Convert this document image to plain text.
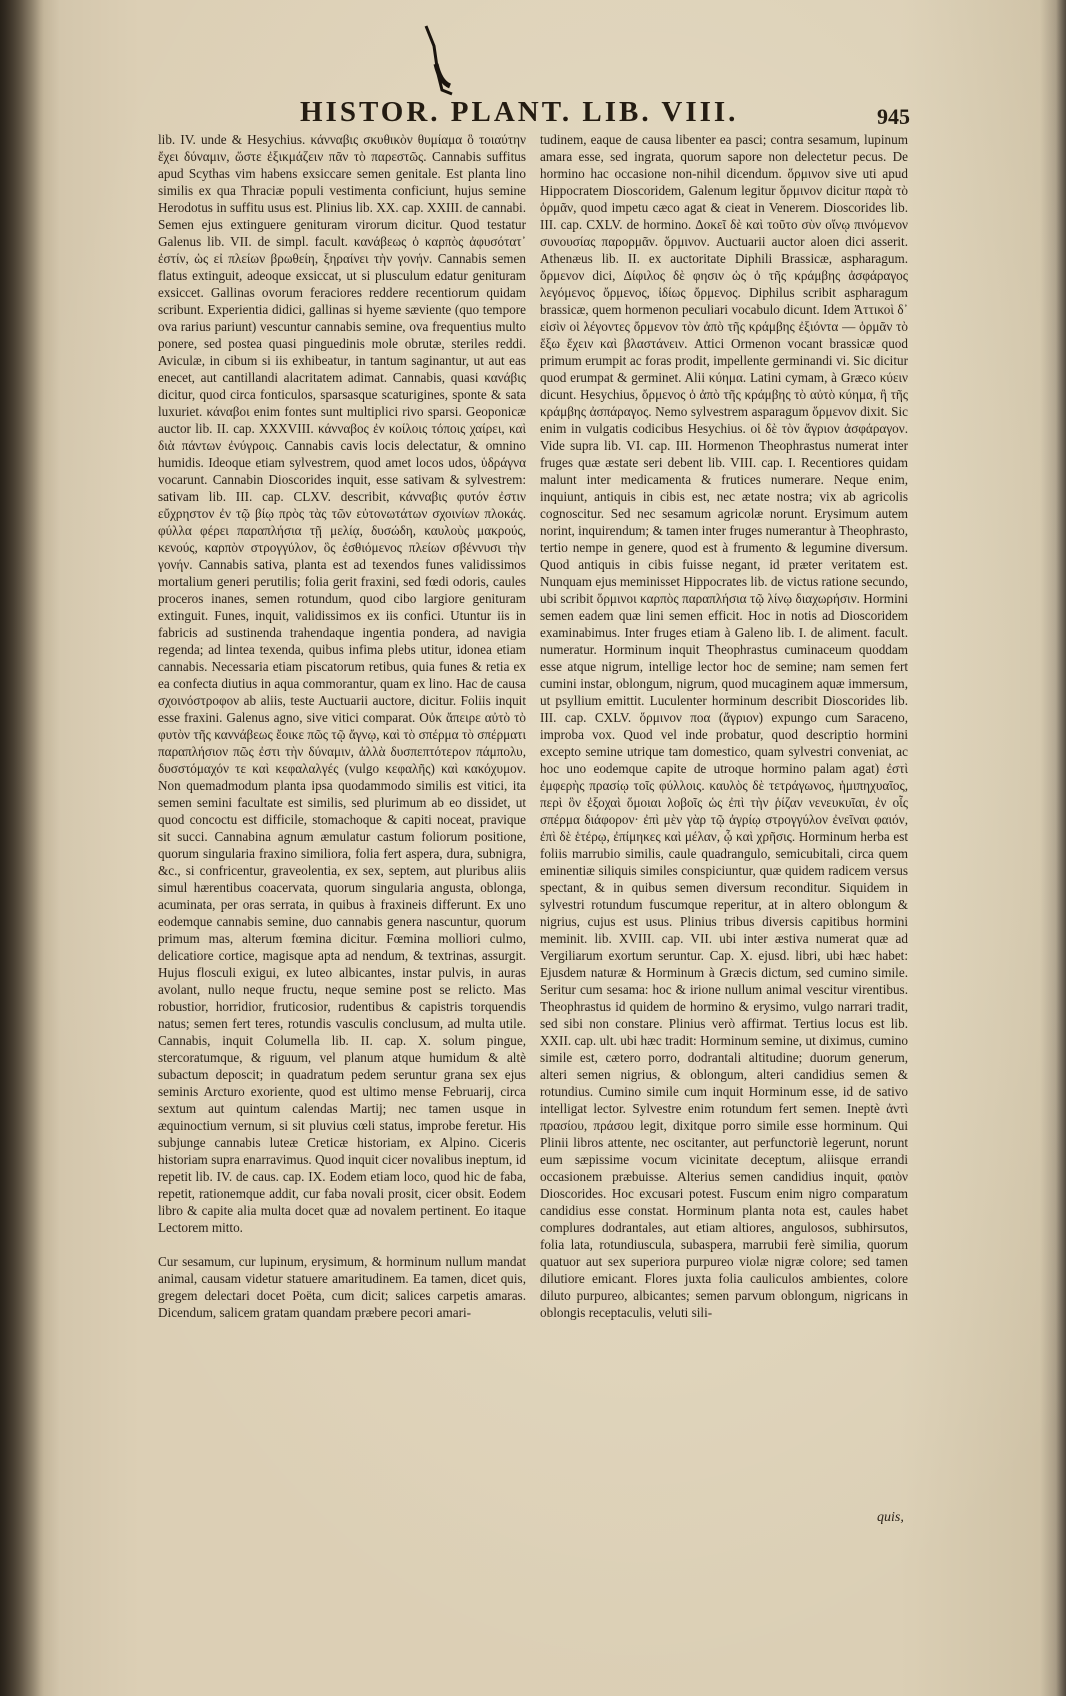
HISTOR. PLANT. LIB. VIII.	945

lib. IV. unde & Hesychius. κάνναβις σκυθικὸν θυμίαμα ὃ τοιαύτην ἔχει δύναμιν, ὥστε ἐξικμάζειν πᾶν τὸ παρεστῶς. Cannabis suffitus apud Scythas vim habens exsiccare semen genitale. Est planta lino similis ex qua Thraciæ populi vestimenta conficiunt, hujus semine Herodotus in suffitu usus est. Plinius lib. XX. cap. XXIII. de cannabi. Semen ejus extinguere genituram virorum dicitur. Quod testatur Galenus lib. VII. de simpl. facult. κανάβεως ὁ καρπὸς ἀφυσότατ᾽ ἐστίν, ὡς εἰ πλείων βρωθείη, ξηραίνει τὴν γονήν. Cannabis semen flatus extinguit, adeoque exsiccat, ut si plusculum edatur genituram exsiccet. Gallinas ovorum feraciores reddere recentiorum quidam scribunt. Experientia didici, gallinas si hyeme sæviente (quo tempore ova rarius pariunt) vescuntur cannabis semine, ova frequentius multo ponere, sed postea quasi pinguedinis mole obrutæ, steriles reddi. Aviculæ, in cibum si iis exhibeatur, in tantum saginantur, ut aut eas enecet, aut cantillandi alacritatem adimat. Cannabis, quasi κανάβις dicitur, quod circa fonticulos, sparsasque scaturigines, sponte & sata luxuriet. κάναβοι enim fontes sunt multiplici rivo sparsi. Geoponicæ auctor lib. II. cap. XXXVIII. κάνναβος ἐν κοίλοις τόποις χαίρει, καὶ διὰ πάντων ἐνύγροις. Cannabis cavis locis delectatur, & omnino humidis. Ideoque etiam sylvestrem, quod amet locos udos, ὑδράγνα vocarunt. Cannabin Dioscorides inquit, esse sativam & sylvestrem: sativam lib. III. cap. CLXV. describit, κάνναβις φυτόν ἐστιν εὔχρηστον ἐν τῷ βίῳ πρὸς τὰς τῶν εὐτονωτάτων σχοινίων πλοκάς. φύλλα φέρει παραπλήσια τῇ μελίᾳ, δυσώδη, καυλοὺς μακρούς, κενούς, καρπὸν στρογγύλον, ὃς ἐσθιόμενος πλείων σβέννυσι τὴν γονήν. Cannabis sativa, planta est ad texendos funes validissimos mortalium generi perutilis; folia gerit fraxini, sed fœdi odoris, caules proceros inanes, semen rotundum, quod cibo largiore genituram extinguit. Funes, inquit, validissimos ex iis confici. Utuntur iis in fabricis ad sustinenda trahendaque ingentia pondera, ad navigia regenda; ad lintea texenda, quibus infima plebs utitur, idonea etiam cannabis. Necessaria etiam piscatorum retibus, quia funes & retia ex ea confecta diutius in aqua commorantur, quam ex lino. Hac de causa σχοινόστροφον ab aliis, teste Auctuarii auctore, dicitur. Foliis inquit esse fraxini. Galenus agno, sive vitici comparat. Οὐκ ἄπειρε αὐτὸ τὸ φυτὸν τῆς καννάβεως ἔοικε πῶς τῷ ἄγνῳ, καὶ τὸ σπέρμα τὸ σπέρματι παραπλήσιον πῶς ἐστι τὴν δύναμιν, ἀλλὰ δυσπεπτότερον πάμπολυ, δυσστόμαχόν τε καὶ κεφαλαλγές (vulgo κεφαλῆς) καὶ κακόχυμον. Non quemadmodum planta ipsa quodammodo similis est vitici, ita semen semini facultate est similis, sed plurimum ab eo dissidet, ut quod concoctu est difficile, stomachoque & capiti noceat, pravique sit succi. Cannabina agnum æmulatur castum foliorum positione, quorum singularia fraxino similiora, folia fert aspera, dura, subnigra, &c., si confricentur, graveolentia, ex sex, septem, aut pluribus aliis simul hærentibus coacervata, quorum singularia angusta, oblonga, acuminata, per oras serrata, in quibus à fraxineis differunt. Ex uno eodemque cannabis semine, duo cannabis genera nascuntur, quorum primum mas, alterum fœmina dicitur. Fœmina molliori culmo, delicatiore cortice, magisque apta ad nendum, & textrinas, assurgit. Hujus flosculi exigui, ex luteo albicantes, instar pulvis, in auras avolant, nullo neque fructu, neque semine post se relicto. Mas robustior, horridior, fruticosior, rudentibus & capistris torquendis natus; semen fert teres, rotundis vasculis conclusum, ad multa utile. Cannabis, inquit Columella lib. II. cap. X. solum pingue, stercoratumque, & riguum, vel planum atque humidum & altè subactum deposcit; in quadratum pedem seruntur grana sex ejus seminis Arcturo exoriente, quod est ultimo mense Februarij, circa sextum aut quintum calendas Martij; nec tamen usque in æquinoctium vernum, si sit pluvius cœli status, improbe feretur. His subjunge cannabis luteæ Creticæ historiam, ex Alpino. Ciceris historiam supra enarravimus. Quod inquit cicer novalibus ineptum, id repetit lib. IV. de caus. cap. IX. Eodem etiam loco, quod hic de faba, repetit, rationemque addit, cur faba novali prosit, cicer obsit. Eodem libro & capite alia multa docet quæ ad novalem pertinent. Eo itaque Lectorem mitto.

Cur sesamum, cur lupinum, erysimum, & horminum nullum mandat animal, causam videtur statuere amaritudinem. Ea tamen, dicet quis, gregem delectari docet Poëta, cum dicit; salices carpetis amaras. Dicendum, salicem gratam quandam præbere pecori amari-

tudinem, eaque de causa libenter ea pasci; contra sesamum, lupinum amara esse, sed ingrata, quorum sapore non delectetur pecus. De hormino hac occasione non-nihil dicendum. ὅρμινον sive uti apud Hippocratem Dioscoridem, Galenum legitur ὅρμινον dicitur παρὰ τὸ ὁρμᾶν, quod impetu cæco agat & cieat in Venerem. Dioscorides lib. III. cap. CXLV. de hormino. Δοκεῖ δὲ καὶ τοῦτο σὺν οἴνῳ πινόμενον συνουσίας παρορμᾶν. ὅρμινον. Auctuarii auctor aloen dici asserit. Athenæus lib. II. ex auctoritate Diphili Brassicæ, aspharagum. ὄρμενον dici, Δίφιλος δὲ φησιν ὡς ὁ τῆς κράμβης ἀσφάραγος λεγόμενος ὄρμενος, ἰδίως ὄρμενος. Diphilus scribit aspharagum brassicæ, quem hormenon peculiari vocabulo dicunt. Idem Ἀττικοὶ δ᾽ εἰσὶν οἱ λέγοντες ὄρμενον τὸν ἀπὸ τῆς κράμβης ἐξιόντα — ὁρμᾶν τὸ ἔξω ἔχειν καὶ βλαστάνειν. Attici Ormenon vocant brassicæ quod primum erumpit ac foras prodit, impellente germinandi vi. Sic dicitur quod erumpat & germinet. Alii κύημα. Latini cymam, à Græco κύειν dicunt. Hesychius, ὄρμενος ὁ ἀπὸ τῆς κράμβης τὸ αὐτὸ κύημα, ἢ τῆς κράμβης ἀσπάραγος. Nemo sylvestrem asparagum ὅρμενον dixit. Sic enim in vulgatis codicibus Hesychius. οἱ δὲ τὸν ἄγριον ἀσφάραγον. Vide supra lib. VI. cap. III. Hormenon Theophrastus numerat inter fruges quæ æstate seri debent lib. VIII. cap. I. Recentiores quidam malunt inter medicamenta & frutices numerare. Neque enim, inquiunt, antiquis in cibis est, nec ætate nostra; vix ab agricolis cognoscitur. Sed nec sesamum agricolæ norunt. Erysimum autem norint, inquirendum; & tamen inter fruges numerantur à Theophrasto, tertio nempe in genere, quod est à frumento & legumine diversum. Quod antiquis in cibis fuisse negant, id præter veritatem est. Nunquam ejus meminisset Hippocrates lib. de victus ratione secundo, ubi scribit ὅρμινοι καρπὸς παραπλήσια τῷ λίνῳ διαχωρήσιν. Hormini semen eadem quæ lini semen efficit. Hoc in notis ad Dioscoridem examinabimus. Inter fruges etiam à Galeno lib. I. de aliment. facult. numeratur. Horminum inquit Theophrastus cuminaceum quoddam esse atque nigrum, intellige lector hoc de semine; nam semen fert cumini instar, oblongum, nigrum, quod mucaginem aquæ immersum, ut psyllium emittit. Luculenter horminum describit Dioscorides lib. III. cap. CXLV. ὅρμινον ποα (ἄγριον) expungo cum Saraceno, improba vox. Quod vel inde probatur, quod descriptio hormini excepto semine utrique tam domestico, quam sylvestri conveniat, ac hoc uno eodemque capite de utroque hormino palam agat) ἐστὶ ἐμφερὴς πρασίῳ τοῖς φύλλοις. καυλὸς δὲ τετράγωνος, ἡμιπηχυαῖος, περὶ ὃν ἐξοχαὶ ὅμοιαι λοβοῖς ὡς ἐπὶ τὴν ῥίζαν νενευκυῖαι, ἐν οἷς σπέρμα διάφορον· ἐπὶ μὲν γὰρ τῷ ἀγρίῳ στρογγύλον ἐνεῖναι φαιόν, ἐπὶ δὲ ἑτέρῳ, ἐπίμηκες καὶ μέλαν, ᾧ καὶ χρῆσις. Horminum herba est foliis marrubio similis, caule quadrangulo, semicubitali, circa quem eminentiæ siliquis similes conspiciuntur, quæ quidem radicem versus spectant, & in quibus semen diversum reconditur. Siquidem in sylvestri rotundum fuscumque reperitur, at in altero oblongum & nigrius, cujus est usus. Plinius tribus diversis capitibus hormini meminit. lib. XVIII. cap. VII. ubi inter æstiva numerat quæ ad Vergiliarum exortum seruntur. Cap. X. ejusd. libri, ubi hæc habet: Ejusdem naturæ & Horminum à Græcis dictum, sed cumino simile. Seritur cum sesama: hoc & irione nullum animal vescitur virentibus. Theophrastus id quidem de hormino & erysimo, vulgo narrari tradit, sed sibi non constare. Plinius verò affirmat. Tertius locus est lib. XXII. cap. ult. ubi hæc tradit: Horminum semine, ut diximus, cumino simile est, cætero porro, dodrantali altitudine; duorum generum, alteri semen nigrius, & oblongum, alteri candidius semen & rotundius. Cumino simile cum inquit Horminum esse, id de sativo intelligat lector. Sylvestre enim rotundum fert semen. Ineptè ἀντὶ πρασίου, πράσου legit, dixitque porro simile esse horminum. Qui Plinii libros attente, nec oscitanter, aut perfunctoriè legerunt, norunt eum sæpissime vocum vicinitate deceptum, aliisque errandi occasionem præbuisse. Alterius semen candidius inquit, φαιὸν Dioscorides. Hoc excusari potest. Fuscum enim nigro comparatum candidius esse constat. Horminum planta nota est, caules habet complures dodrantales, aut etiam altiores, angulosos, subhirsutos, folia lata, rotundiuscula, subaspera, marrubii ferè similia, quorum quatuor aut sex superiora purpureo violæ nigræ colore; sed tamen dilutiore emicant. Flores juxta folia cauliculos ambientes, colore diluto purpureo, albicantes; semen parvum oblongum, nigricans in oblongis receptaculis, veluti sili-

quis,
